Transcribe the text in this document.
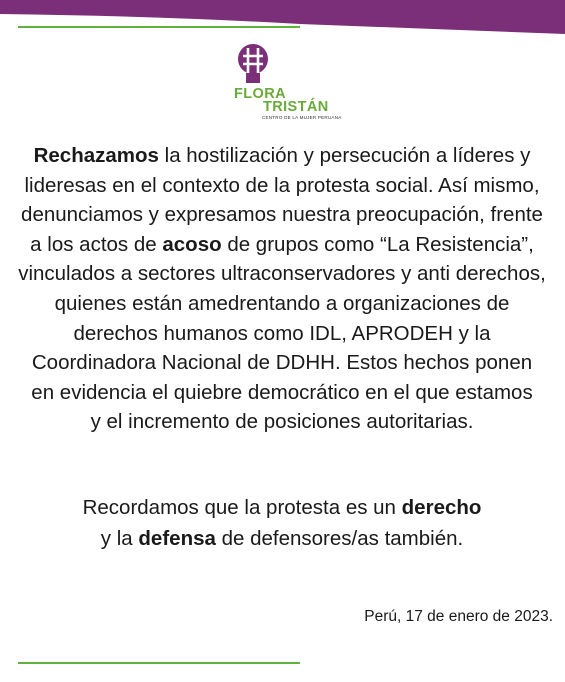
FLORA
TRISTÁN
CENTRO DE LA MUJER PERUANA
Rechazamos la hostilización y persecución a líderes y
lideresas en el contexto de la protesta social. Así mismo,
denunciamos y expresamos nuestra preocupación, frente
a los actos de acoso de grupos como “La Resistencia”,
vinculados a sectores ultraconservadores y anti derechos,
quienes están amedrentando a organizaciones de
derechos humanos como IDL, APRODEH y la
Coordinadora Nacional de DDHH. Estos hechos ponen
en evidencia el quiebre democrático en el que estamos
y el incremento de posiciones autoritarias.
Recordamos que la protesta es un derecho
y la defensa de defensores/as también.
Perú, 17 de enero de 2023.
